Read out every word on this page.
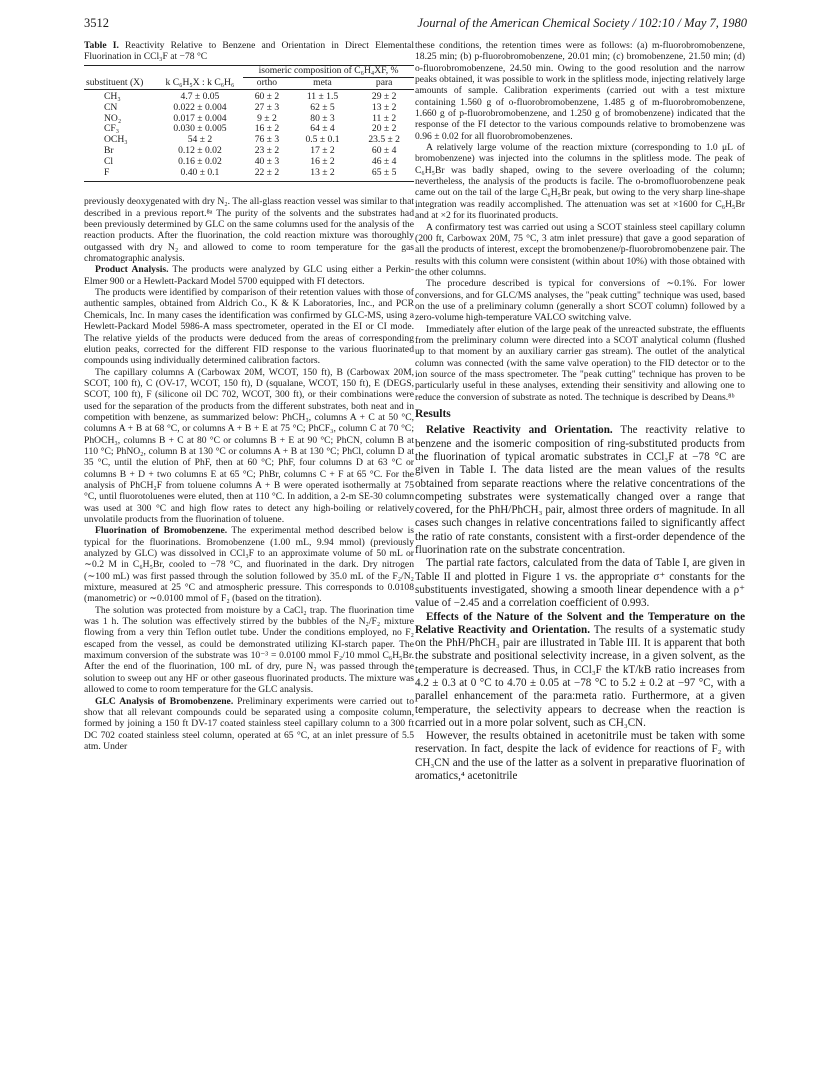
3512	Journal of the American Chemical Society / 102:10 / May 7, 1980
Table I. Reactivity Relative to Benzene and Orientation in Direct Elemental Fluorination in CCl₃F at −78 °C
		isomeric composition of C₆H₄XF, %		
substituent (X)	k C₆H₅X : k C₆H₆	ortho	meta	para
CH₃	4.7 ± 0.05	60 ± 2	11 ± 1.5	29 ± 2
CN	0.022 ± 0.004	27 ± 3	62 ± 5	13 ± 2
NO₂	0.017 ± 0.004	9 ± 2	80 ± 3	11 ± 2
CF₃	0.030 ± 0.005	16 ± 2	64 ± 4	20 ± 2
OCH₃	54 ± 2	76 ± 3	0.5 ± 0.1	23.5 ± 2
Br	0.12 ± 0.02	23 ± 2	17 ± 2	60 ± 4
Cl	0.16 ± 0.02	40 ± 3	16 ± 2	46 ± 4
F	0.40 ± 0.1	22 ± 2	13 ± 2	65 ± 5

previously deoxygenated with dry N₂. The all-glass reaction vessel was similar to that described in a previous report.⁸ᵃ The purity of the solvents and the substrates had been previously determined by GLC on the same columns used for the analysis of the reaction products. After the fluorination, the cold reaction mixture was thoroughly outgassed with dry N₂ and allowed to come to room temperature for the gas chromatographic analysis.

Product Analysis. The products were analyzed by GLC using either a Perkin-Elmer 900 or a Hewlett-Packard Model 5700 equipped with FI detectors.

The products were identified by comparison of their retention values with those of authentic samples, obtained from Aldrich Co., K & K Laboratories, Inc., and PCR Chemicals, Inc. In many cases the identification was confirmed by GLC-MS, using a Hewlett-Packard Model 5986-A mass spectrometer, operated in the EI or CI mode. The relative yields of the products were deduced from the areas of corresponding elution peaks, corrected for the different FID response to the various fluorinated compounds using individually determined calibration factors.

The capillary columns A (Carbowax 20M, WCOT, 150 ft), B (Carbowax 20M, SCOT, 100 ft), C (OV-17, WCOT, 150 ft), D (squalane, WCOT, 150 ft), E (DEGS, SCOT, 100 ft), F (silicone oil DC 702, WCOT, 300 ft), or their combinations were used for the separation of the products from the different substrates, both neat and in competition with benzene, as summarized below: PhCH₃, columns A + C at 50 °C, columns A + B at 68 °C, or columns A + B + E at 75 °C; PhCF₃, column C at 70 °C; PhOCH₃, columns B + C at 80 °C or columns B + E at 90 °C; PhCN, column B at 110 °C; PhNO₂, column B at 130 °C or columns A + B at 130 °C; PhCl, column D at 35 °C, until the elution of PhF, then at 60 °C; PhF, four columns D at 63 °C or columns B + D + two columns E at 65 °C; PhBr, columns C + F at 65 °C. For the analysis of PhCH₂F from toluene columns A + B were operated isothermally at 75 °C, until fluorotoluenes were eluted, then at 110 °C. In addition, a 2-m SE-30 column was used at 300 °C and high flow rates to detect any high-boiling or relatively unvolatile products from the fluorination of toluene.

Fluorination of Bromobenzene. The experimental method described below is typical for the fluorinations. Bromobenzene (1.00 mL, 9.94 mmol) (previously analyzed by GLC) was dissolved in CCl₃F to an approximate volume of 50 mL or ∼0.2 M in C₆H₅Br, cooled to −78 °C, and fluorinated in the dark. Dry nitrogen (∼100 mL) was first passed through the solution followed by 35.0 mL of the F₂/N₂ mixture, measured at 25 °C and atmospheric pressure. This corresponds to 0.0108 (manometric) or ∼0.0100 mmol of F₂ (based on the titration).

The solution was protected from moisture by a CaCl₂ trap. The fluorination time was 1 h. The solution was effectively stirred by the bubbles of the N₂/F₂ mixture flowing from a very thin Teflon outlet tube. Under the conditions employed, no F₂ escaped from the vessel, as could be demonstrated utilizing KI-starch paper. The maximum conversion of the substrate was 10⁻³ = 0.0100 mmol F₂/10 mmol C₆H₅Br. After the end of the fluorination, 100 mL of dry, pure N₂ was passed through the solution to sweep out any HF or other gaseous fluorinated products. The mixture was allowed to come to room temperature for the GLC analysis.

GLC Analysis of Bromobenzene. Preliminary experiments were carried out to show that all relevant compounds could be separated using a composite column, formed by joining a 150 ft DV-17 coated stainless steel capillary column to a 300 ft DC 702 coated stainless steel column, operated at 65 °C, at an inlet pressure of 5.5 atm. Under

these conditions, the retention times were as follows: (a) m-fluorobromobenzene, 18.25 min; (b) p-fluorobromobenzene, 20.01 min; (c) bromobenzene, 21.50 min; (d) o-fluorobromobenzene, 24.50 min. Owing to the good resolution and the narrow peaks obtained, it was possible to work in the splitless mode, injecting relatively large amounts of sample. Calibration experiments (carried out with a test mixture containing 1.560 g of o-fluorobromobenzene, 1.485 g of m-fluorobromobenzene, 1.660 g of p-fluorobromobenzene, and 1.250 g of bromobenzene) indicated that the response of the FI detector to the various compounds relative to bromobenzene was 0.96 ± 0.02 for all fluorobromobenzenes.

A relatively large volume of the reaction mixture (corresponding to 1.0 μL of bromobenzene) was injected into the columns in the splitless mode. The peak of C₆H₅Br was badly shaped, owing to the severe overloading of the column; nevertheless, the analysis of the products is facile. The o-bromofluorobenzene peak came out on the tail of the large C₆H₅Br peak, but owing to the very sharp line-shape integration was readily accomplished. The attenuation was set at ×1600 for C₆H₅Br and at ×2 for its fluorinated products.

A confirmatory test was carried out using a SCOT stainless steel capillary column (200 ft, Carbowax 20M, 75 °C, 3 atm inlet pressure) that gave a good separation of all the products of interest, except the bromobenzene/p-fluorobromobenzene pair. The results with this column were consistent (within about 10%) with those obtained with the other columns.

The procedure described is typical for conversions of ∼0.1%. For lower conversions, and for GLC/MS analyses, the "peak cutting" technique was used, based on the use of a preliminary column (generally a short SCOT column) followed by a zero-volume high-temperature VALCO switching valve.

Immediately after elution of the large peak of the unreacted substrate, the effluents from the preliminary column were directed into a SCOT analytical column (flushed up to that moment by an auxiliary carrier gas stream). The outlet of the analytical column was connected (with the same valve operation) to the FID detector or to the ion source of the mass spectrometer. The "peak cutting" technique has proven to be particularly useful in these analyses, extending their sensitivity and allowing one to reduce the conversion of substrate as noted. The technique is described by Deans.⁸ᵇ

Results

Relative Reactivity and Orientation. The reactivity relative to benzene and the isomeric composition of ring-substituted products from the fluorination of typical aromatic substrates in CCl₃F at −78 °C are given in Table I. The data listed are the mean values of the results obtained from separate reactions where the relative concentrations of the competing substrates were systematically changed over a range that covered, for the PhH/PhCH₃ pair, almost three orders of magnitude. In all cases such changes in relative concentrations failed to significantly affect the ratio of rate constants, consistent with a first-order dependence of the fluorination rate on the substrate concentration.

The partial rate factors, calculated from the data of Table I, are given in Table II and plotted in Figure 1 vs. the appropriate σ⁺ constants for the substituents investigated, showing a smooth linear dependence with a ρ⁺ value of −2.45 and a correlation coefficient of 0.993.

Effects of the Nature of the Solvent and the Temperature on the Relative Reactivity and Orientation. The results of a systematic study on the PhH/PhCH₃ pair are illustrated in Table III. It is apparent that both the substrate and positional selectivity increase, in a given solvent, as the temperature is decreased. Thus, in CCl₃F the kT/kB ratio increases from 4.2 ± 0.3 at 0 °C to 4.70 ± 0.05 at −78 °C to 5.2 ± 0.2 at −97 °C, with a parallel enhancement of the para:meta ratio. Furthermore, at a given temperature, the selectivity appears to decrease when the reaction is carried out in a more polar solvent, such as CH₃CN.

However, the results obtained in acetonitrile must be taken with some reservation. In fact, despite the lack of evidence for reactions of F₂ with CH₃CN and the use of the latter as a solvent in preparative fluorination of aromatics,⁴ acetonitrile
